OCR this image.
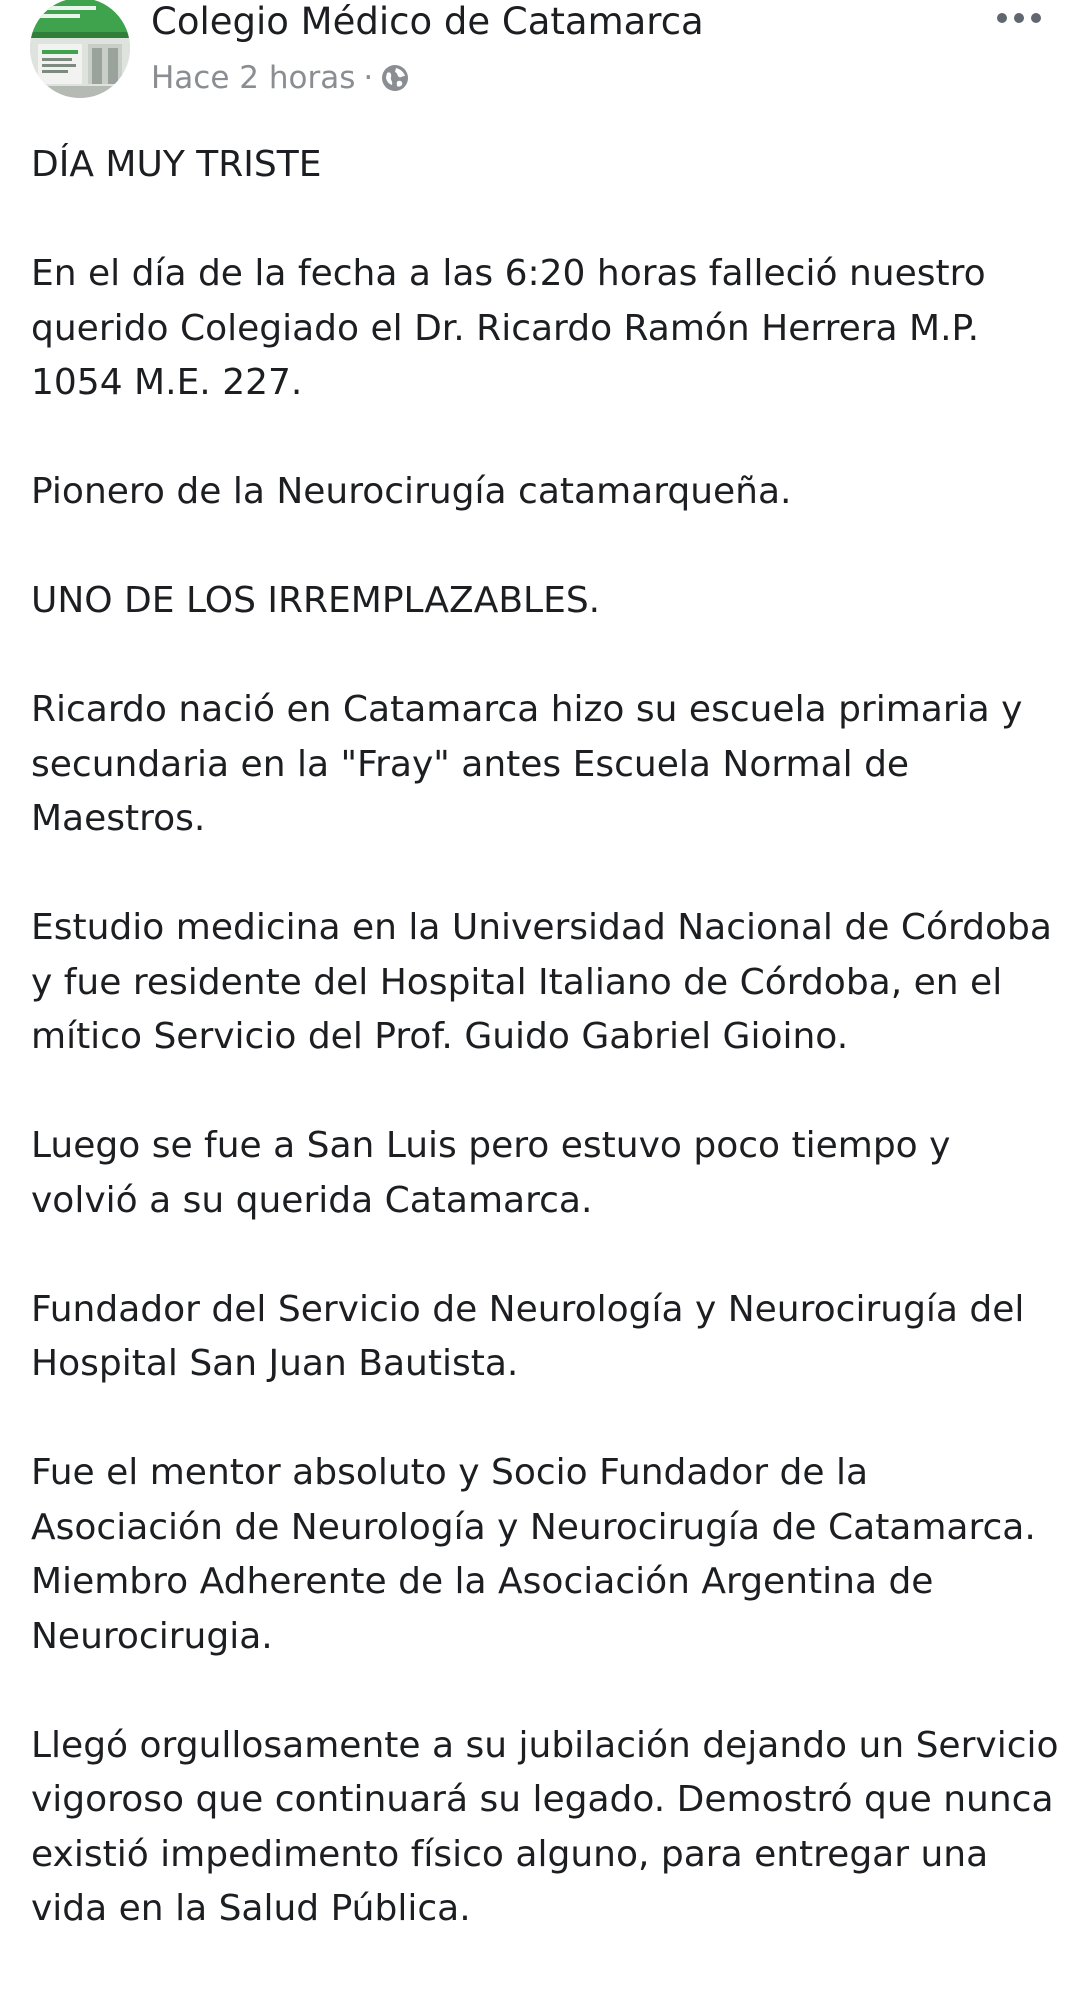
Colegio Médico de Catamarca
Hace 2 horas ·

DÍA MUY TRISTE

En el día de la fecha a las 6:20 horas falleció nuestro querido Colegiado el Dr. Ricardo Ramón Herrera M.P. 1054 M.E. 227.

Pionero de la Neurocirugía catamarqueña.

UNO DE LOS IRREMPLAZABLES.

Ricardo nació en Catamarca hizo su escuela primaria y secundaria en la "Fray" antes Escuela Normal de Maestros.

Estudio medicina en la Universidad Nacional de Córdoba y fue residente del Hospital Italiano de Córdoba, en el mítico Servicio del Prof. Guido Gabriel Gioino.

Luego se fue a San Luis pero estuvo poco tiempo y volvió a su querida Catamarca.

Fundador del Servicio de Neurología y Neurocirugía del Hospital San Juan Bautista.

Fue el mentor absoluto y Socio Fundador de la Asociación de Neurología y Neurocirugía de Catamarca. Miembro Adherente de la Asociación Argentina de Neurocirugia.

Llegó orgullosamente a su jubilación dejando un Servicio vigoroso que continuará su legado. Demostró que nunca existió impedimento físico alguno, para entregar una vida en la Salud Pública.
